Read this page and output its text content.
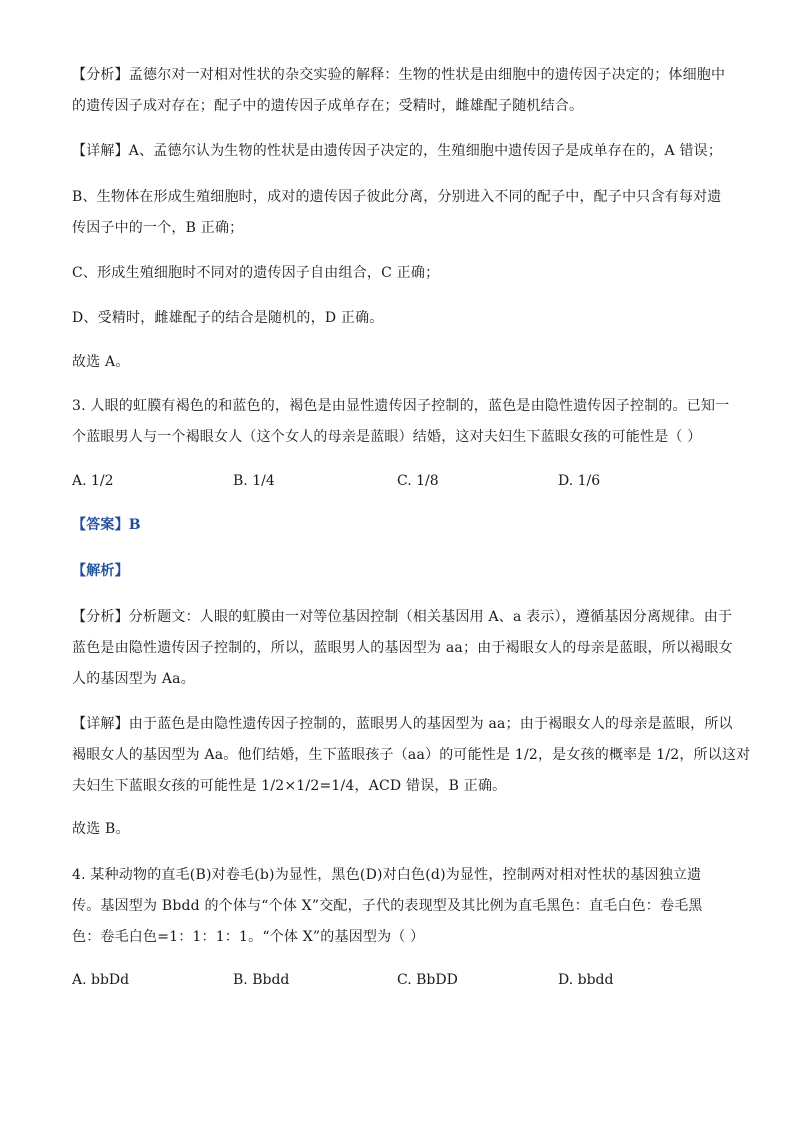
【分析】孟德尔对一对相对性状的杂交实验的解释：生物的性状是由细胞中的遗传因子决定的；体细胞中
的遗传因子成对存在；配子中的遗传因子成单存在；受精时，雌雄配子随机结合。
【详解】A、孟德尔认为生物的性状是由遗传因子决定的，生殖细胞中遗传因子是成单存在的，A 错误；
B、生物体在形成生殖细胞时，成对的遗传因子彼此分离，分别进入不同的配子中，配子中只含有每对遗
传因子中的一个，B 正确；
C、形成生殖细胞时不同对的遗传因子自由组合，C 正确；
D、受精时，雌雄配子的结合是随机的，D 正确。
故选 A。
3. 人眼的虹膜有褐色的和蓝色的，褐色是由显性遗传因子控制的，蓝色是由隐性遗传因子控制的。已知一
个蓝眼男人与一个褐眼女人（这个女人的母亲是蓝眼）结婚，这对夫妇生下蓝眼女孩的可能性是（ ）
A. 1/2	B. 1/4	C. 1/8	D. 1/6
【答案】B
【解析】
【分析】分析题文：人眼的虹膜由一对等位基因控制（相关基因用 A、a 表示），遵循基因分离规律。由于
蓝色是由隐性遗传因子控制的，所以，蓝眼男人的基因型为 aa；由于褐眼女人的母亲是蓝眼，所以褐眼女
人的基因型为 Aa。
【详解】由于蓝色是由隐性遗传因子控制的，蓝眼男人的基因型为 aa；由于褐眼女人的母亲是蓝眼，所以
褐眼女人的基因型为 Aa。他们结婚，生下蓝眼孩子（aa）的可能性是 1/2，是女孩的概率是 1/2，所以这对
夫妇生下蓝眼女孩的可能性是 1/2×1/2=1/4，ACD 错误，B 正确。
故选 B。
4. 某种动物的直毛(B)对卷毛(b)为显性，黑色(D)对白色(d)为显性，控制两对相对性状的基因独立遗
传。基因型为 Bbdd 的个体与“个体 X”交配，子代的表现型及其比例为直毛黑色：直毛白色：卷毛黑
色：卷毛白色=1：1：1：1。“个体 X”的基因型为（ ）
A. bbDd	B. Bbdd	C. BbDD	D. bbdd
